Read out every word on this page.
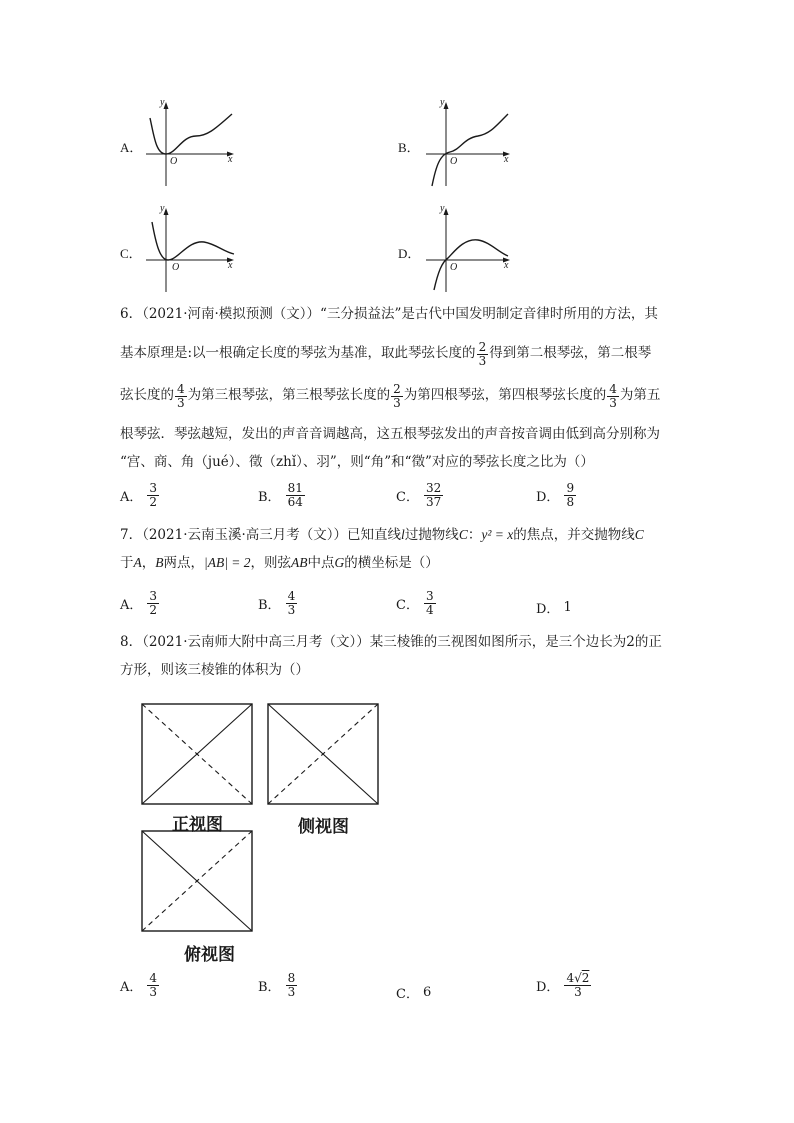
A．
y
x
O
B．
y
x
O
C．
y
x
O
D．
y
x
O
6．（2021·河南·模拟预测（文））“三分损益法”是古代中国发明制定音律时所用的方法，其
基本原理是:以一根确定长度的琴弦为基准，取此琴弦长度的 $\frac{2}{3}$ 得到第二根琴弦，第二根琴
弦长度的 $\frac{4}{3}$ 为第三根琴弦，第三根琴弦长度的 $\frac{2}{3}$ 为第四根琴弦，第四根琴弦长度的 $\frac{4}{3}$ 为第五
根琴弦．琴弦越短，发出的声音音调越高，这五根琴弦发出的声音按音调由低到高分别称为
“宫、商、角（jué）、徵（zhǐ）、羽”，则“角”和“徵”对应的琴弦长度之比为（）
A． $\frac{3}{2}$	B． $\frac{81}{64}$	C． $\frac{32}{37}$	D． $\frac{9}{8}$
7．（2021·云南玉溪·高三月考（文））已知直线l过抛物线C：y² = x的焦点，并交抛物线C
于A，B两点，|AB| = 2，则弦AB中点G的横坐标是（）
A． $\frac{3}{2}$	B． $\frac{4}{3}$	C． $\frac{3}{4}$	D． 1
8．（2021·云南师大附中高三月考（文））某三棱锥的三视图如图所示，是三个边长为2的正
方形，则该三棱锥的体积为（）
正视图	侧视图
俯视图
A． $\frac{4}{3}$	B． $\frac{8}{3}$	C． 6	D． $\frac{4√2}{3}$
